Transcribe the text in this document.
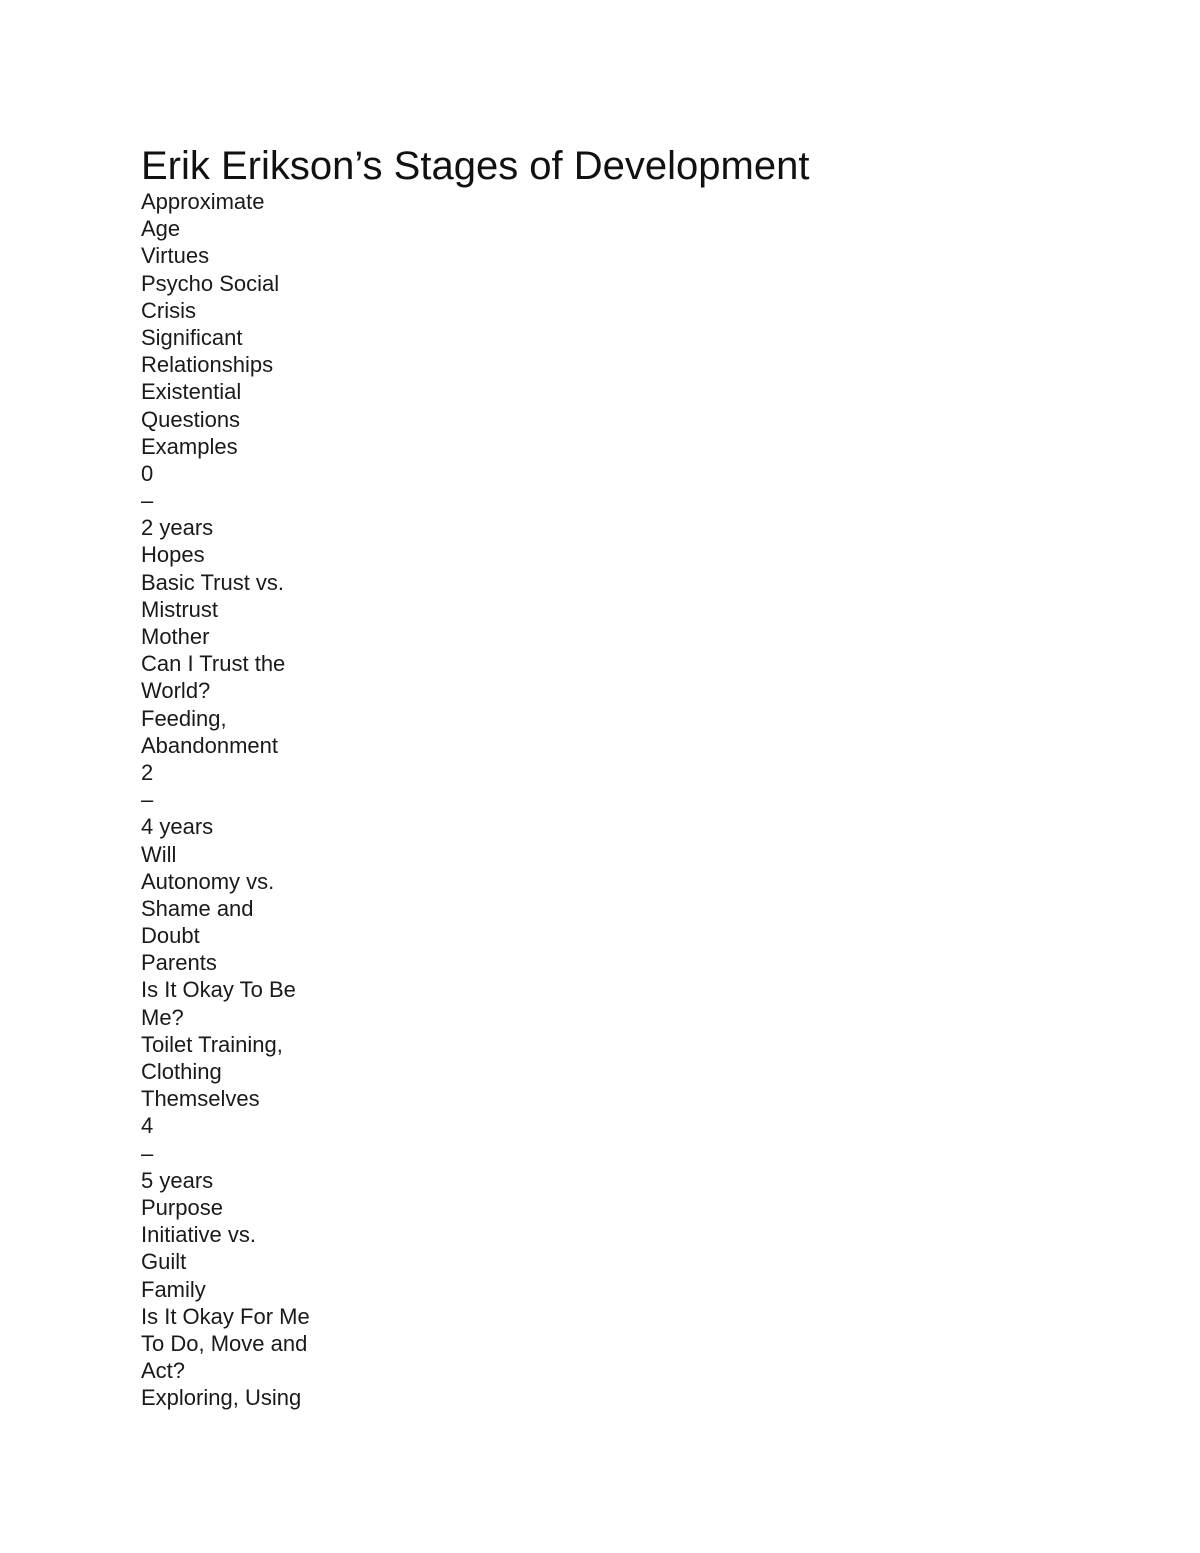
Erik Erikson’s Stages of Development
Approximate
Age
Virtues
Psycho Social
Crisis
Significant
Relationships
Existential
Questions
Examples
0
–
2 years
Hopes
Basic Trust vs.
Mistrust
Mother
Can I Trust the
World?
Feeding,
Abandonment
2
–
4 years
Will
Autonomy vs.
Shame and
Doubt
Parents
Is It Okay To Be
Me?
Toilet Training,
Clothing
Themselves
4
–
5 years
Purpose
Initiative vs.
Guilt
Family
Is It Okay For Me
To Do, Move and
Act?
Exploring, Using
